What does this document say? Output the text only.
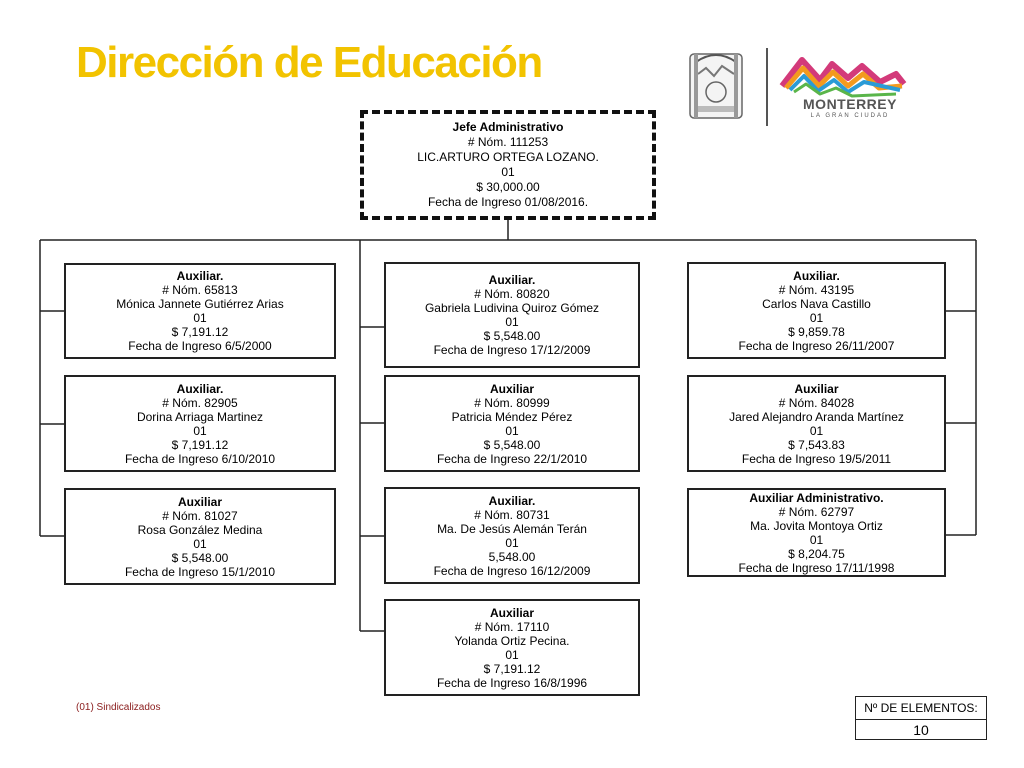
Dirección de Educación
MONTERREY
LA GRAN CIUDAD
Jefe Administrativo
# Nóm. 111253
LIC.ARTURO ORTEGA LOZANO.
01
$ 30,000.00
Fecha de Ingreso 01/08/2016.
Auxiliar.
# Nóm. 65813
Mónica Jannete Gutiérrez Arias
01
$ 7,191.12
Fecha de Ingreso 6/5/2000
Auxiliar.
# Nóm. 82905
Dorina Arriaga Martinez
01
$ 7,191.12
Fecha de Ingreso 6/10/2010
Auxiliar
# Nóm. 81027
Rosa González Medina
01
$ 5,548.00
Fecha de Ingreso 15/1/2010
Auxiliar.
# Nóm. 80820
Gabriela Ludivina Quiroz Gómez
01
$ 5,548.00
Fecha de Ingreso 17/12/2009
Auxiliar
# Nóm. 80999
Patricia Méndez Pérez
01
$ 5,548.00
Fecha de Ingreso 22/1/2010
Auxiliar.
# Nóm. 80731
Ma. De Jesús Alemán Terán
01
5,548.00
Fecha de Ingreso 16/12/2009
Auxiliar
# Nóm. 17110
Yolanda Ortiz Pecina.
01
$ 7,191.12
Fecha de Ingreso 16/8/1996
Auxiliar.
# Nóm. 43195
Carlos Nava Castillo
01
$ 9,859.78
Fecha de Ingreso 26/11/2007
Auxiliar
# Nóm. 84028
Jared Alejandro Aranda Martínez
01
$ 7,543.83
Fecha de Ingreso 19/5/2011
Auxiliar Administrativo.
# Nóm. 62797
Ma. Jovita Montoya Ortiz
01
$ 8,204.75
Fecha de Ingreso 17/11/1998
(01) Sindicalizados	Nº DE ELEMENTOS:
10
